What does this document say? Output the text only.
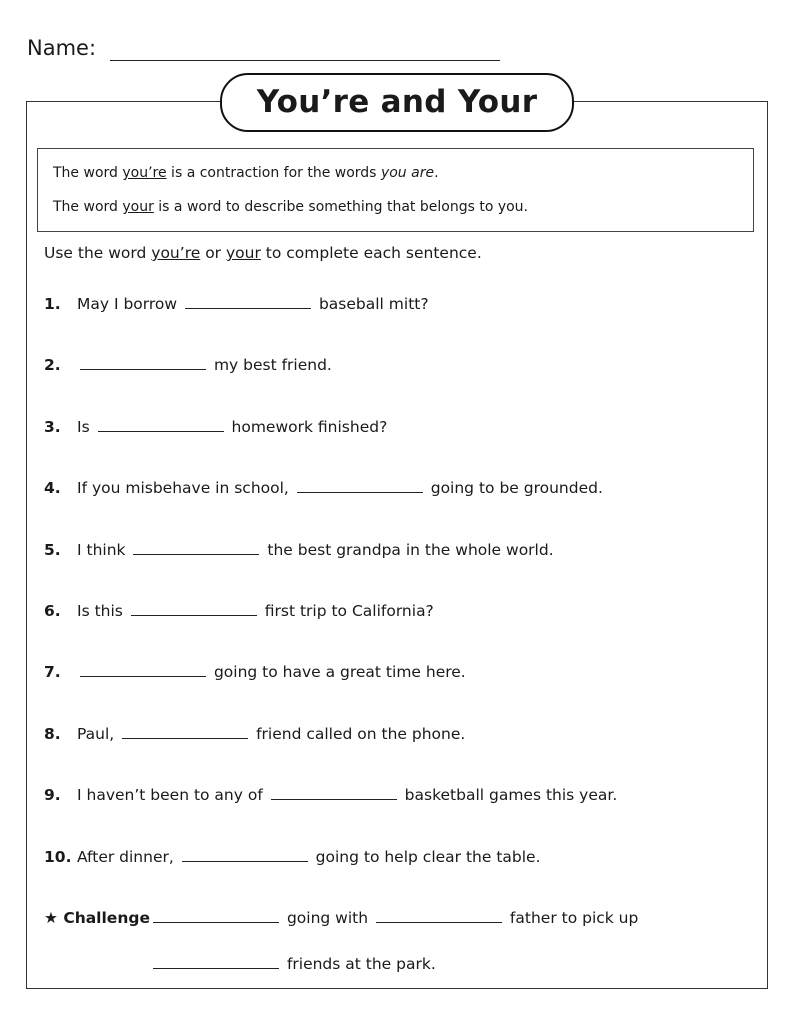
Name:
You’re and Your

The word you’re is a contraction for the words you are.

The word your is a word to describe something that belongs to you.

Use the word you’re or your to complete each sentence.
1. May I borrow	baseball mitt?
2.	my best friend.
3. Is	homework finished?
4. If you misbehave in school,	going to be grounded.
5. I think	the best grandpa in the whole world.
6. Is this	first trip to California?
7.	going to have a great time here.
8. Paul,	friend called on the phone.
9. I haven’t been to any of	basketball games this year.
10. After dinner,	going to help clear the table.
★ Challenge	going with	father to pick up
friends at the park.
